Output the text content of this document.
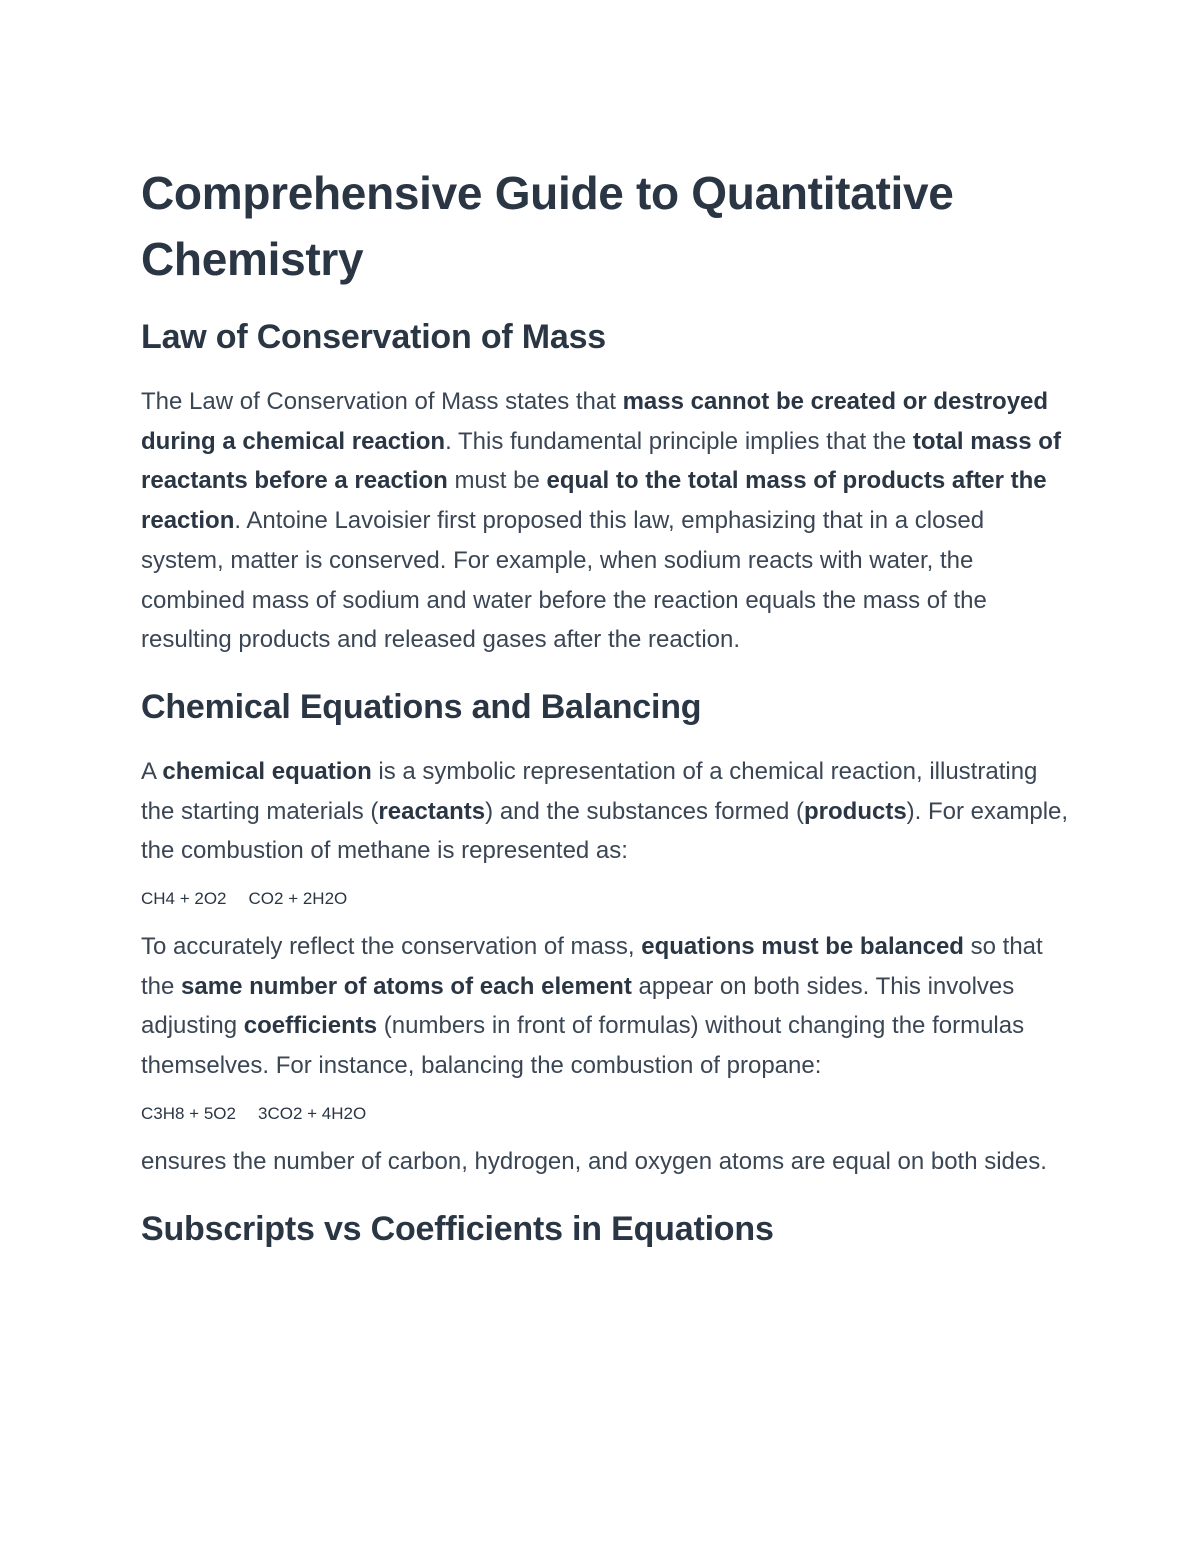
Comprehensive Guide to Quantitative Chemistry
Law of Conservation of Mass

The Law of Conservation of Mass states that mass cannot be created or destroyed during a chemical reaction. This fundamental principle implies that the total mass of reactants before a reaction must be equal to the total mass of products after the reaction. Antoine Lavoisier first proposed this law, emphasizing that in a closed system, matter is conserved. For example, when sodium reacts with water, the combined mass of sodium and water before the reaction equals the mass of the resulting products and released gases after the reaction.

Chemical Equations and Balancing

A chemical equation is a symbolic representation of a chemical reaction, illustrating the starting materials (reactants) and the substances formed (products). For example, the combustion of methane is represented as:

CH4 + 2O2 CO2 + 2H2O

To accurately reflect the conservation of mass, equations must be balanced so that the same number of atoms of each element appear on both sides. This involves adjusting coefficients (numbers in front of formulas) without changing the formulas themselves. For instance, balancing the combustion of propane:

C3H8 + 5O2 3CO2 + 4H2O

ensures the number of carbon, hydrogen, and oxygen atoms are equal on both sides.

Subscripts vs Coefficients in Equations
